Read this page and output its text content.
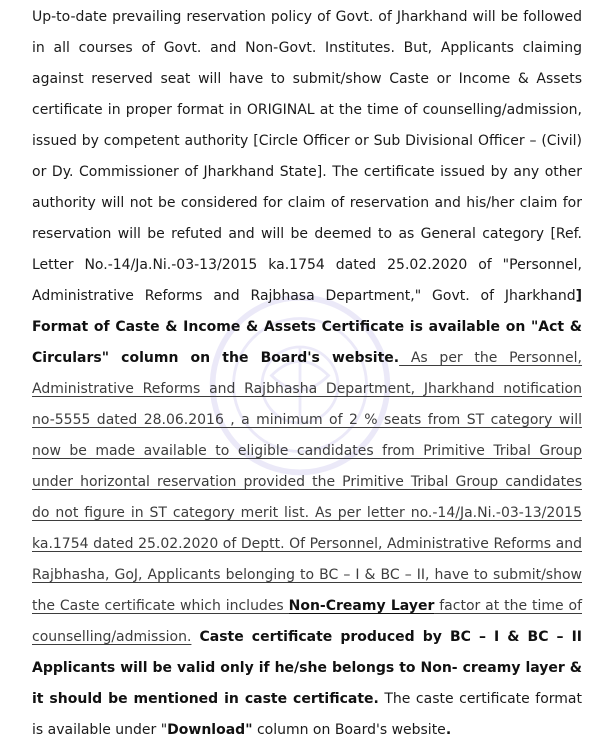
Up-to-date prevailing reservation policy of Govt. of Jharkhand will be followed in all courses of Govt. and Non-Govt. Institutes. But, Applicants claiming against reserved seat will have to submit/show Caste or Income & Assets certificate in proper format in ORIGINAL at the time of counselling/admission, issued by competent authority [Circle Officer or Sub Divisional Officer – (Civil) or Dy. Commissioner of Jharkhand State]. The certificate issued by any other authority will not be considered for claim of reservation and his/her claim for reservation will be refuted and will be deemed to as General category [Ref. Letter No.-14/Ja.Ni.-03-13/2015 ka.1754 dated 25.02.2020 of "Personnel, Administrative Reforms and Rajbhasa Department," Govt. of Jharkhand] Format of Caste & Income & Assets Certificate is available on "Act & Circulars" column on the Board's website. As per the Personnel, Administrative Reforms and Rajbhasha Department, Jharkhand notification no-5555 dated 28.06.2016 , a minimum of 2 % seats from ST category will now be made available to eligible candidates from Primitive Tribal Group under horizontal reservation provided the Primitive Tribal Group candidates do not figure in ST category merit list. As per letter no.-14/Ja.Ni.-03-13/2015 ka.1754 dated 25.02.2020 of Deptt. Of Personnel, Administrative Reforms and Rajbhasha, GoJ, Applicants belonging to BC – I & BC – II, have to submit/show the Caste certificate which includes Non-Creamy Layer factor at the time of counselling/admission. Caste certificate produced by BC – I & BC – II Applicants will be valid only if he/she belongs to Non- creamy layer & it should be mentioned in caste certificate. The caste certificate format is available under "Download" column on Board's website.
